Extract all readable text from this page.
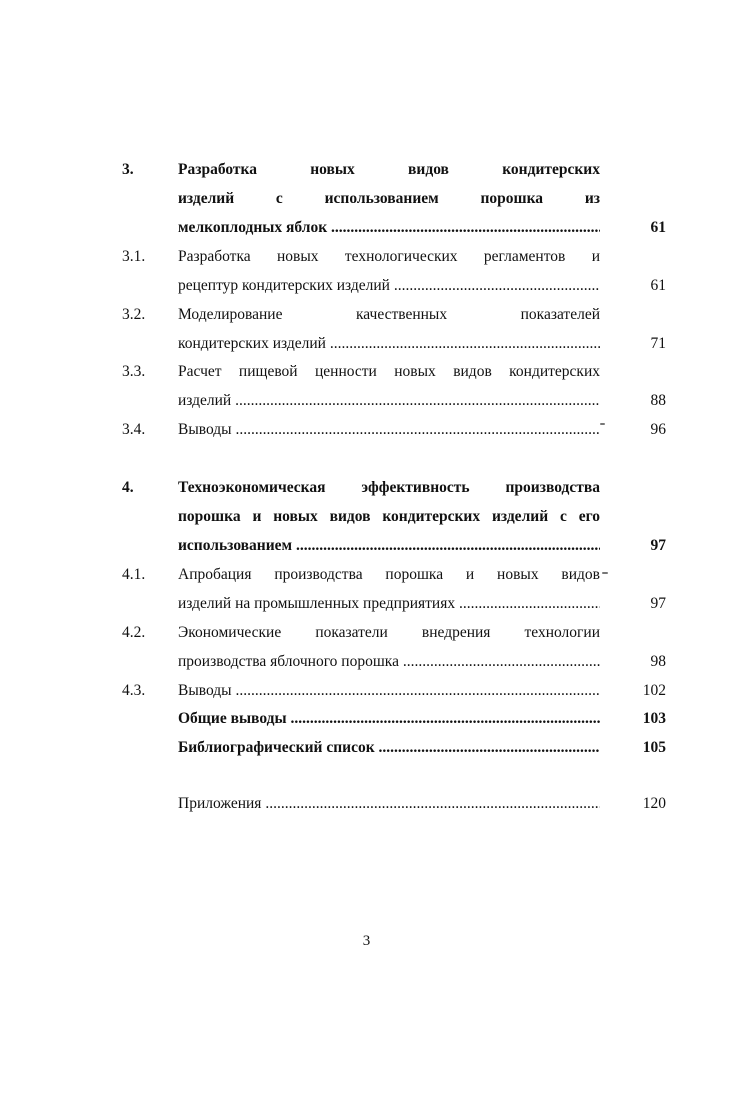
3.	Разработка новых видов кондитерских
изделий с использованием порошка из
мелкоплодных яблок .....	61
3.1.	Разработка новых технологических регламентов и
рецептур кондитерских изделий .....	61
3.2.	Моделирование качественных показателей
кондитерских изделий .....	71
3.3.	Расчет пищевой ценности новых видов кондитерских
изделий .....	88
3.4.	Выводы .....	96
4.	Техноэкономическая эффективность производства
порошка и новых видов кондитерских изделий с его
использованием .....	97
4.1.	Апробация производства порошка и новых видов
изделий на промышленных предприятиях .....	97
4.2.	Экономические показатели внедрения технологии
производства яблочного порошка .....	98
4.3.	Выводы .....	102
Общие выводы .....	103
Библиографический список .....	105
Приложения .....	120
3
